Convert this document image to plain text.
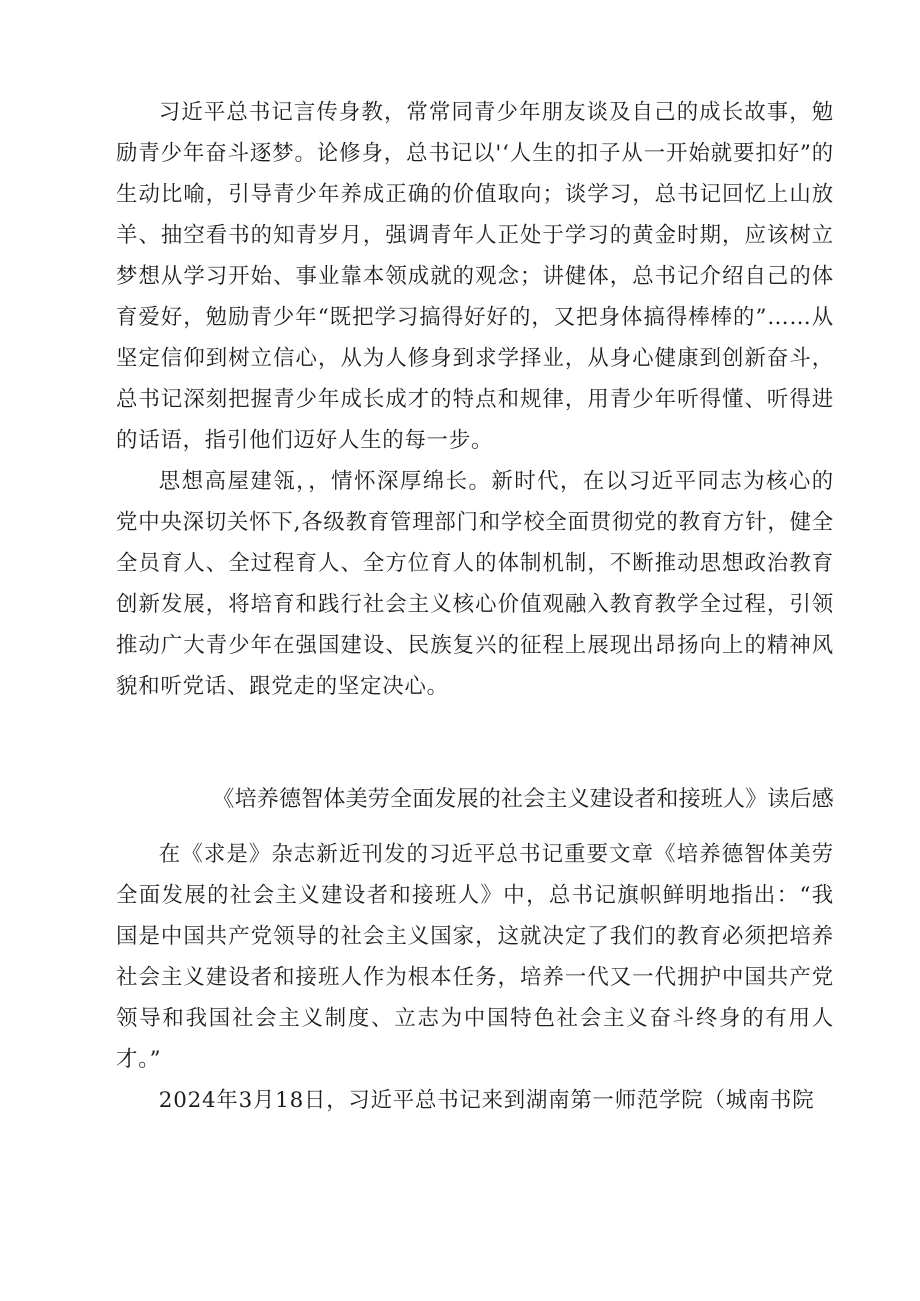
习近平总书记言传身教，常常同青少年朋友谈及自己的成长故事，勉励青少年奋斗逐梦。论修身，总书记以'‘人生的扣子从一开始就要扣好”的生动比喻，引导青少年养成正确的价值取向；谈学习，总书记回忆上山放羊、抽空看书的知青岁月，强调青年人正处于学习的黄金时期，应该树立梦想从学习开始、事业靠本领成就的观念；讲健体，总书记介绍自己的体育爱好，勉励青少年“既把学习搞得好好的，又把身体搞得棒棒的”……从坚定信仰到树立信心，从为人修身到求学择业，从身心健康到创新奋斗，总书记深刻把握青少年成长成才的特点和规律，用青少年听得懂、听得进的话语，指引他们迈好人生的每一步。

思想高屋建瓴，，情怀深厚绵长。新时代，在以习近平同志为核心的党中央深切关怀下,各级教育管理部门和学校全面贯彻党的教育方针，健全全员育人、全过程育人、全方位育人的体制机制，不断推动思想政治教育创新发展，将培育和践行社会主义核心价值观融入教育教学全过程，引领推动广大青少年在强国建设、民族复兴的征程上展现出昂扬向上的精神风貌和听党话、跟党走的坚定决心。

《培养德智体美劳全面发展的社会主义建设者和接班人》读后感

在《求是》杂志新近刊发的习近平总书记重要文章《培养德智体美劳全面发展的社会主义建设者和接班人》中，总书记旗帜鲜明地指出：“我国是中国共产党领导的社会主义国家，这就决定了我们的教育必须把培养社会主义建设者和接班人作为根本任务，培养一代又一代拥护中国共产党领导和我国社会主义制度、立志为中国特色社会主义奋斗终身的有用人才。”

2024年3月18日，习近平总书记来到湖南第一师范学院（城南书院
